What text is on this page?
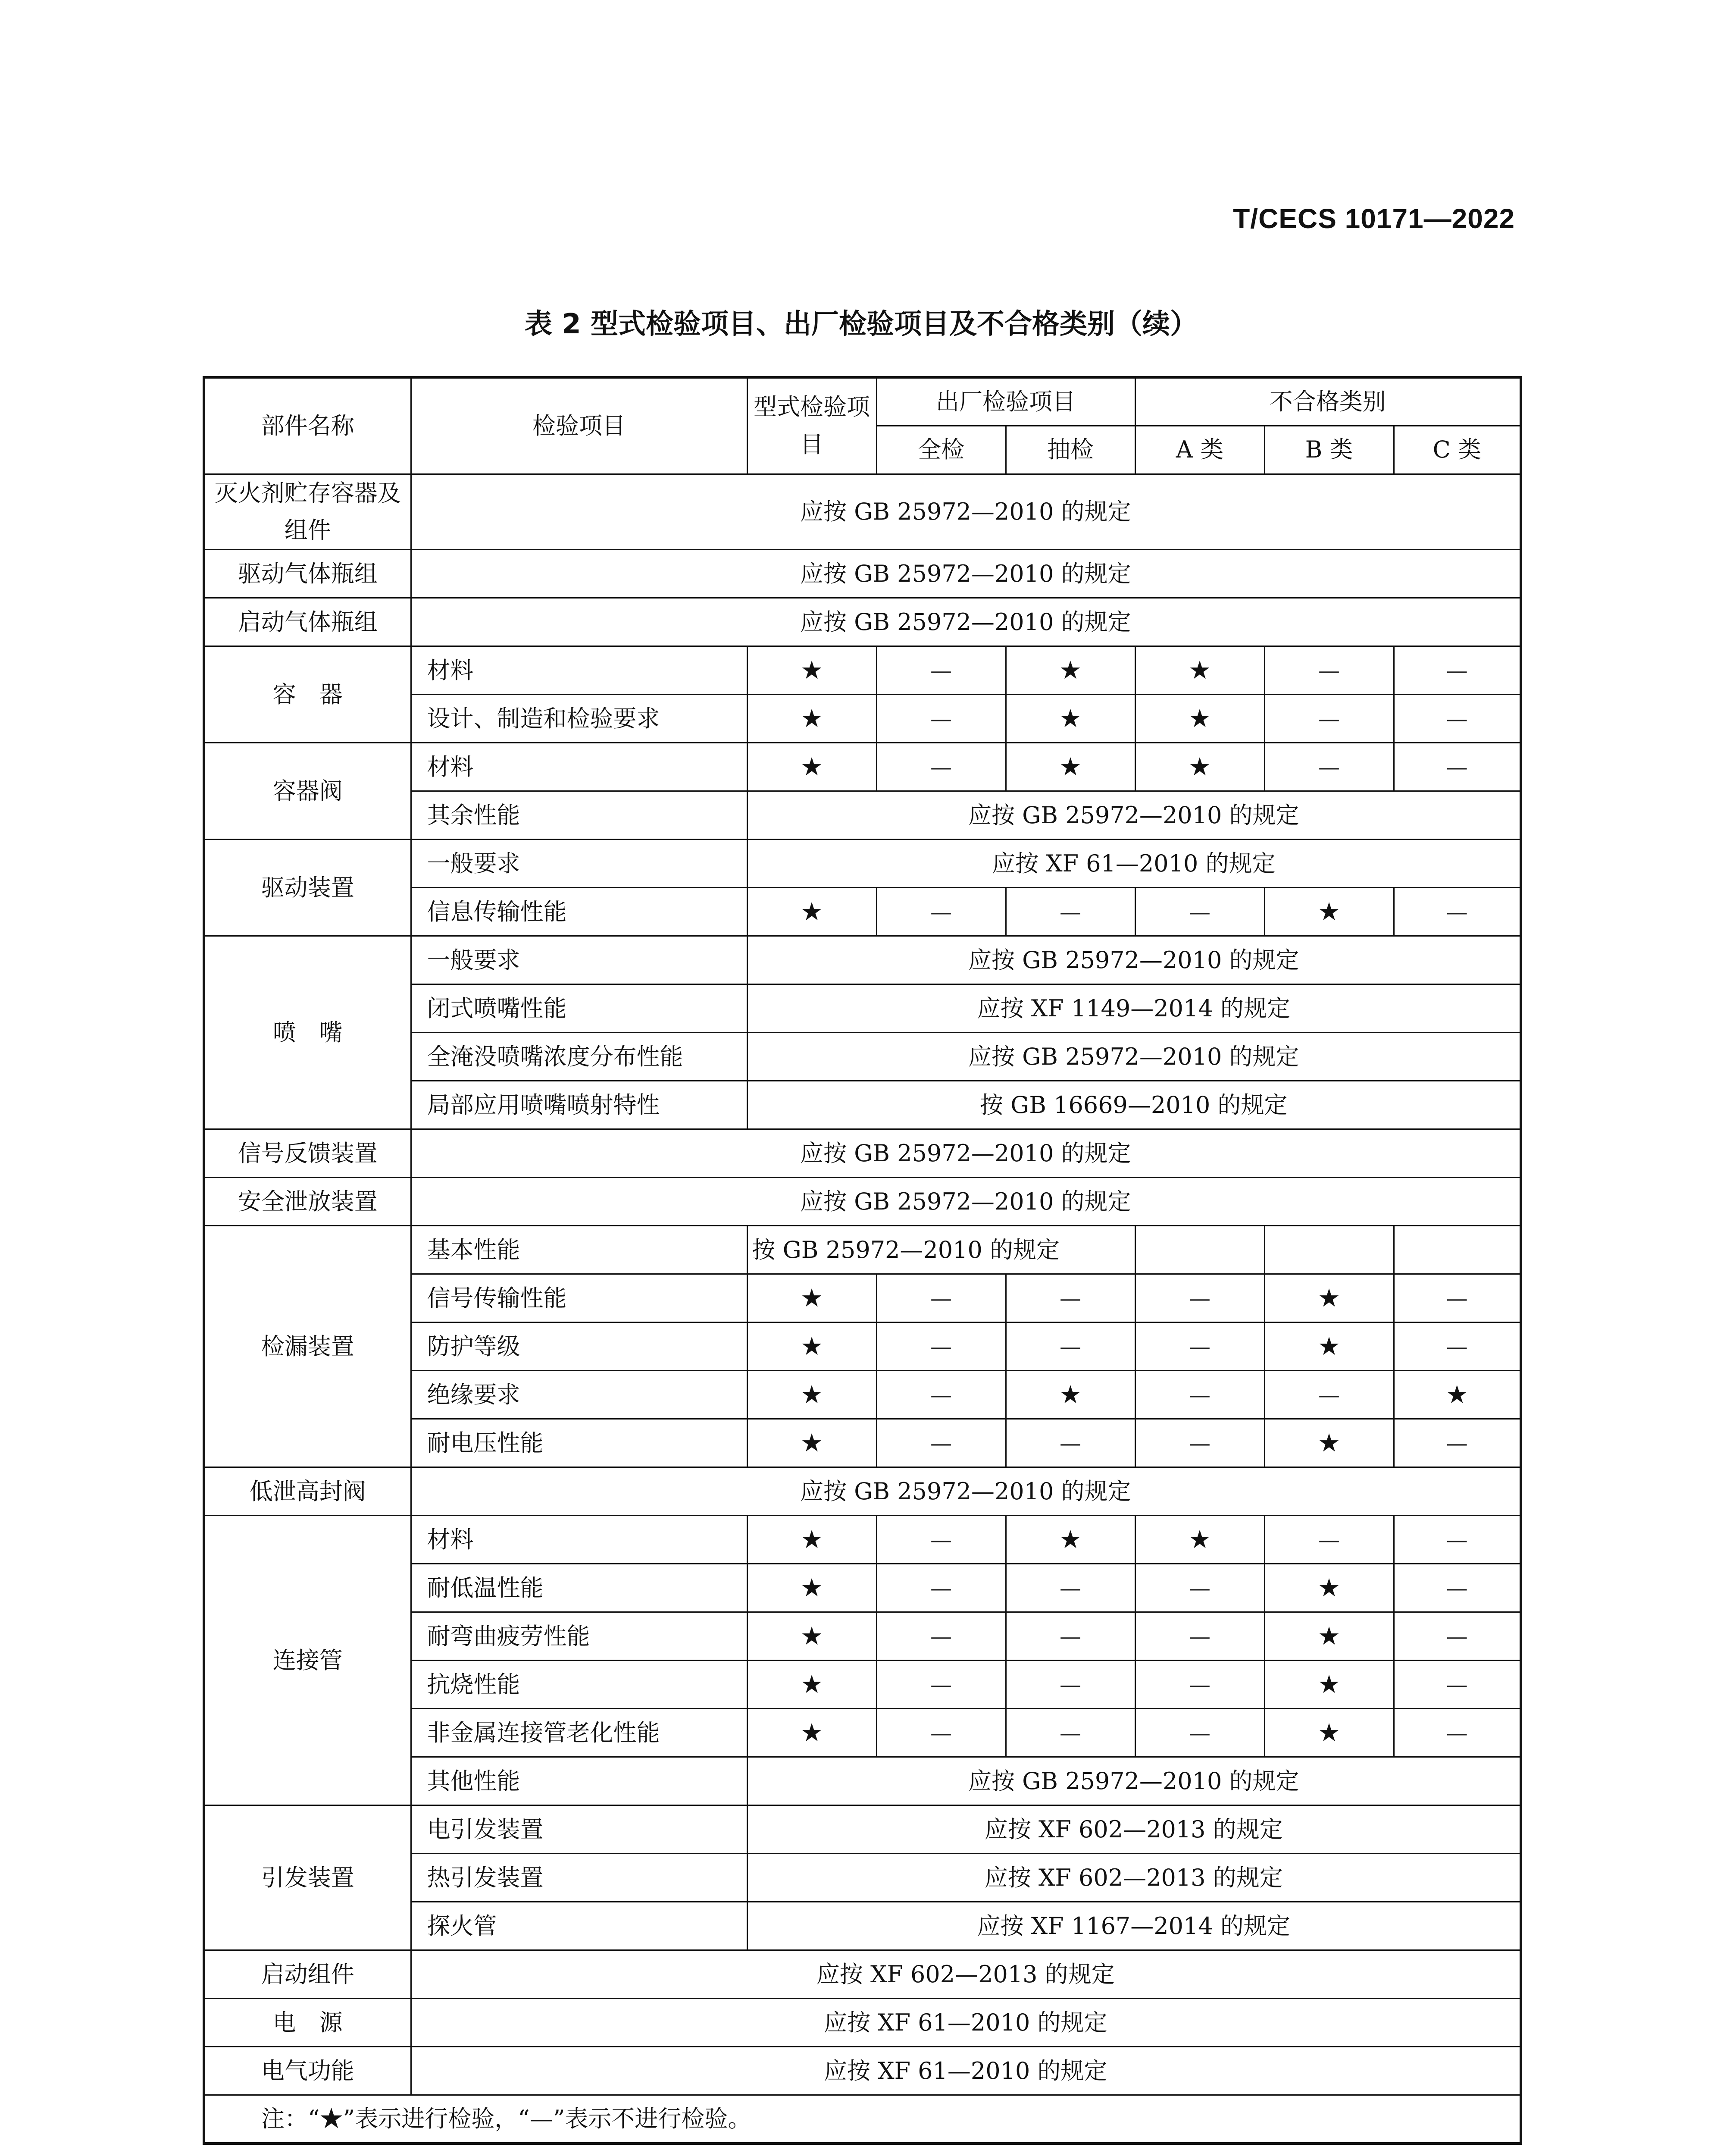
T/CECS 10171—2022
表 2 型式检验项目、出厂检验项目及不合格类别（续）
部件名称	检验项目	型式检验项目	出厂检验项目		不合格类别		
			全检	抽检	A 类	B 类	C 类
灭火剂贮存容器及组件	应按 GB 25972—2010 的规定						
驱动气体瓶组	应按 GB 25972—2010 的规定						
启动气体瓶组	应按 GB 25972—2010 的规定						
容　器	材料	★	—	★	★	—	—
	设计、制造和检验要求	★	—	★	★	—	—
容器阀	材料	★	—	★	★	—	—
	其余性能	应按 GB 25972—2010 的规定					
驱动装置	一般要求	应按 XF 61—2010 的规定					
	信息传输性能	★	—	—	—	★	—
喷　嘴	一般要求	应按 GB 25972—2010 的规定					
	闭式喷嘴性能	应按 XF 1149—2014 的规定					
	全淹没喷嘴浓度分布性能	应按 GB 25972—2010 的规定					
	局部应用喷嘴喷射特性	按 GB 16669—2010 的规定					
信号反馈装置	应按 GB 25972—2010 的规定						
安全泄放装置	应按 GB 25972—2010 的规定						
检漏装置	基本性能	按 GB 25972—2010 的规定					
	信号传输性能	★	—	—	—	★	—
	防护等级	★	—	—	—	★	—
	绝缘要求	★	—	★	—	—	★
	耐电压性能	★	—	—	—	★	—
低泄高封阀	应按 GB 25972—2010 的规定						
连接管	材料	★	—	★	★	—	—
	耐低温性能	★	—	—	—	★	—
	耐弯曲疲劳性能	★	—	—	—	★	—
	抗烧性能	★	—	—	—	★	—
	非金属连接管老化性能	★	—	—	—	★	—
	其他性能	应按 GB 25972—2010 的规定					
引发装置	电引发装置	应按 XF 602—2013 的规定					
	热引发装置	应按 XF 602—2013 的规定					
	探火管	应按 XF 1167—2014 的规定					
启动组件	应按 XF 602—2013 的规定						
电　源	应按 XF 61—2010 的规定						
电气功能	应按 XF 61—2010 的规定						
注：“★”表示进行检验，“—”表示不进行检验。							
